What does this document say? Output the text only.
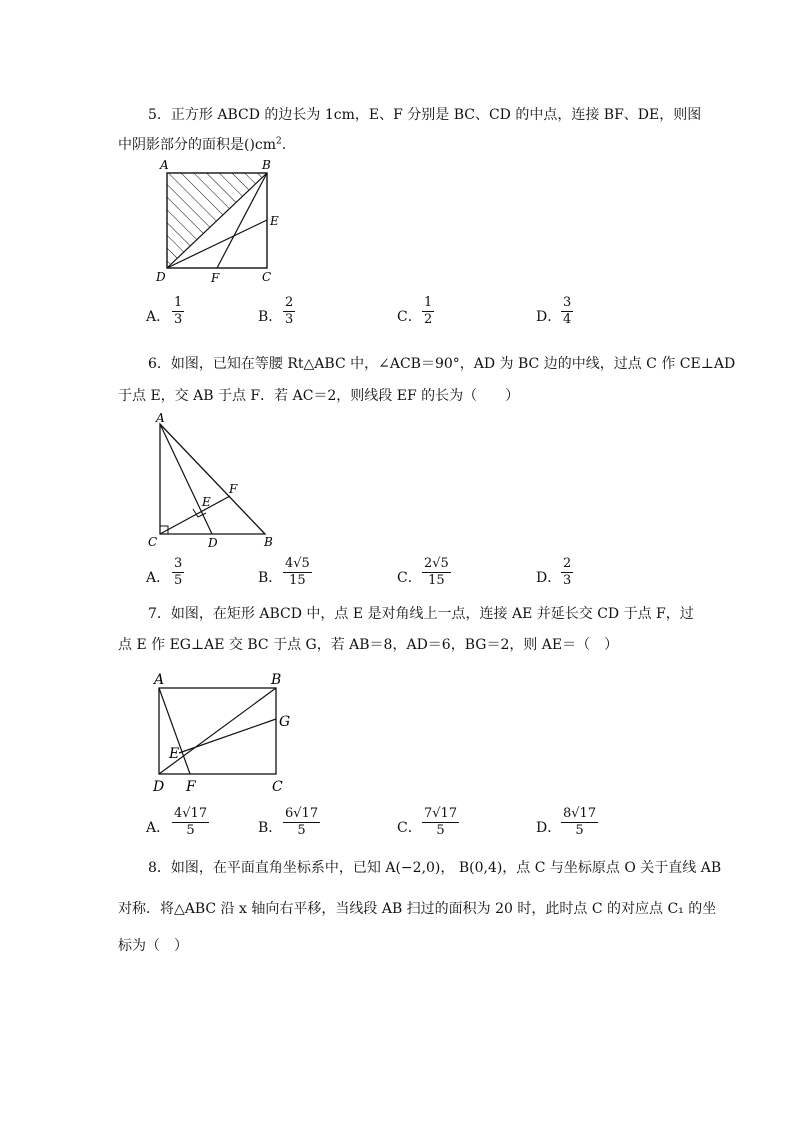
5．正方形 ABCD 的边长为 1cm，E、F 分别是 BC、CD 的中点，连接 BF、DE，则图
中阴影部分的面积是$()cm^2$.
A	B
C
D
E
F
A． $\frac{1}{3}$	B． $\frac{2}{3}$	C． $\frac{1}{2}$	D． $\frac{3}{4}$
6．如图，已知在等腰 Rt△ABC 中，∠ACB＝90°，AD 为 BC 边的中线，过点 C 作 CE⊥AD
于点 E，交 AB 于点 F．若 AC＝2，则线段 EF 的长为（　　）
A
B
C	D
E
F
A． $\frac{3}{5}$	B． $\frac{4√5}{15}$	C． $\frac{2√5}{15}$	D． $\frac{2}{3}$
7．如图，在矩形 ABCD 中，点 E 是对角线上一点，连接 AE 并延长交 CD 于点 F，过
点 E 作 EG⊥AE 交 BC 于点 G，若 AB＝8，AD＝6，BG＝2，则 AE＝（　）
A	B
C
D
E
F
G
A． $\frac{4√17}{5}$	B． $\frac{6√17}{5}$	C． $\frac{7√17}{5}$	D． $\frac{8√17}{5}$
8．如图，在平面直角坐标系中，已知 A(−2,0)， B(0,4)，点 C 与坐标原点 O 关于直线 AB
对称．将△ABC 沿 x 轴向右平移，当线段 AB 扫过的面积为 20 时，此时点 C 的对应点 C₁ 的坐
标为（　）
